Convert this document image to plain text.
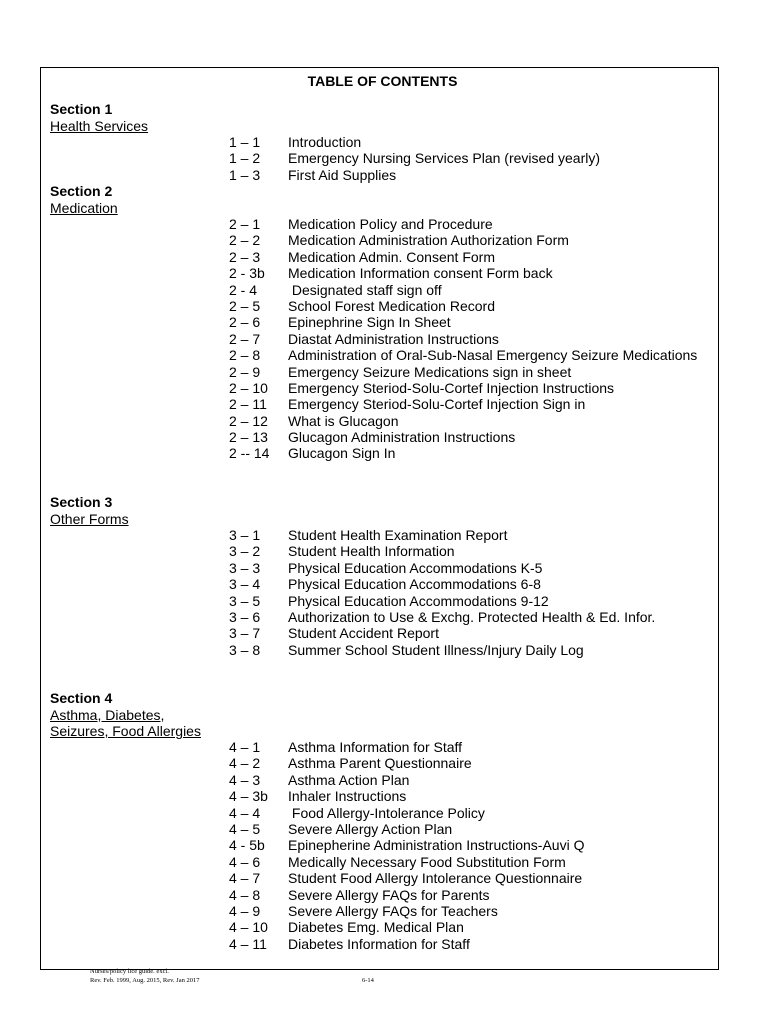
TABLE OF CONTENTS
Section 1
Health Services
1 – 1 Introduction
1 – 2 Emergency Nursing Services Plan (revised yearly)
1 – 3 First Aid Supplies
Section 2
Medication
2 – 1 Medication Policy and Procedure
2 – 2 Medication Administration Authorization Form
2 – 3 Medication Admin. Consent Form
2 - 3b Medication Information consent Form back
2 - 4 Designated staff sign off
2 – 5 School Forest Medication Record
2 – 6 Epinephrine Sign In Sheet
2 – 7 Diastat Administration Instructions
2 – 8 Administration of Oral-Sub-Nasal Emergency Seizure Medications
2 – 9 Emergency Seizure Medications sign in sheet
2 – 10 Emergency Steriod-Solu-Cortef Injection Instructions
2 – 11 Emergency Steriod-Solu-Cortef Injection Sign in
2 – 12 What is Glucagon
2 – 13 Glucagon Administration Instructions
2 -- 14 Glucagon Sign In
Section 3
Other Forms
3 – 1 Student Health Examination Report
3 – 2 Student Health Information
3 – 3 Physical Education Accommodations K-5
3 – 4 Physical Education Accommodations 6-8
3 – 5 Physical Education Accommodations 9-12
3 – 6 Authorization to Use & Exchg. Protected Health & Ed. Infor.
3 – 7 Student Accident Report
3 – 8 Summer School Student Illness/Injury Daily Log
Section 4
Asthma, Diabetes,
Seizures, Food Allergies
4 – 1 Asthma Information for Staff
4 – 2 Asthma Parent Questionnaire
4 – 3 Asthma Action Plan
4 – 3b Inhaler Instructions
4 – 4 Food Allergy-Intolerance Policy
4 – 5 Severe Allergy Action Plan
4 - 5b Epinepherine Administration Instructions-Auvi Q
4 – 6 Medically Necessary Food Substitution Form
4 – 7 Student Food Allergy Intolerance Questionnaire
4 – 8 Severe Allergy FAQs for Parents
4 – 9 Severe Allergy FAQs for Teachers
4 – 10 Diabetes Emg. Medical Plan
4 – 11 Diabetes Information for Staff
Nurses/policy lice guide. excl.
Rev. Feb. 1999, Aug. 2015, Rev. Jan 2017	6-14
